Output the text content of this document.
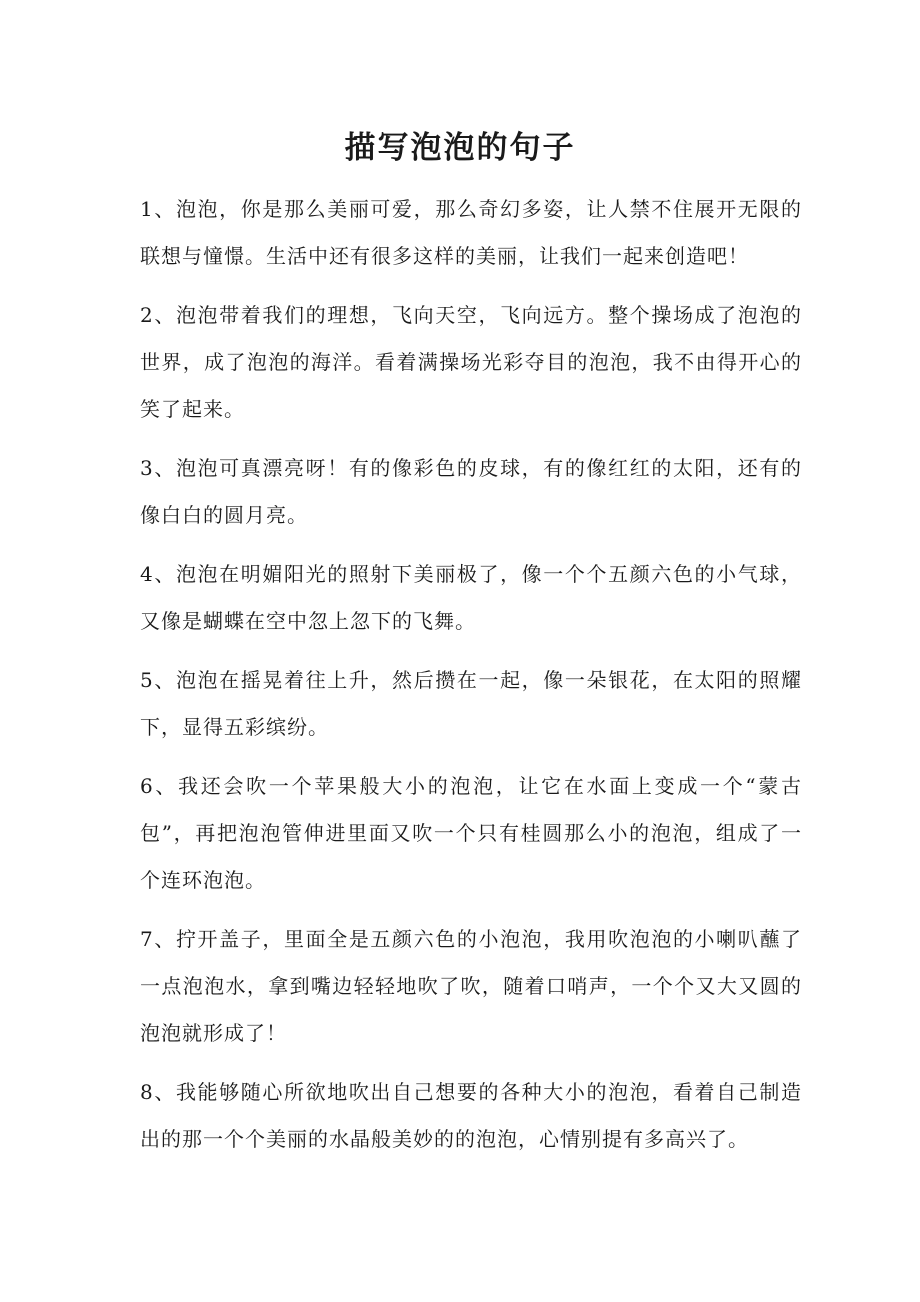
描写泡泡的句子

1、泡泡，你是那么美丽可爱，那么奇幻多姿，让人禁不住展开无限的联想与憧憬。生活中还有很多这样的美丽，让我们一起来创造吧！

2、泡泡带着我们的理想，飞向天空，飞向远方。整个操场成了泡泡的世界，成了泡泡的海洋。看着满操场光彩夺目的泡泡，我不由得开心的笑了起来。

3、泡泡可真漂亮呀！有的像彩色的皮球，有的像红红的太阳，还有的像白白的圆月亮。

4、泡泡在明媚阳光的照射下美丽极了，像一个个五颜六色的小气球，又像是蝴蝶在空中忽上忽下的飞舞。

5、泡泡在摇晃着往上升，然后攒在一起，像一朵银花，在太阳的照耀下，显得五彩缤纷。

6、我还会吹一个苹果般大小的泡泡，让它在水面上变成一个“蒙古包”，再把泡泡管伸进里面又吹一个只有桂圆那么小的泡泡，组成了一个连环泡泡。

7、拧开盖子，里面全是五颜六色的小泡泡，我用吹泡泡的小喇叭蘸了一点泡泡水，拿到嘴边轻轻地吹了吹，随着口哨声，一个个又大又圆的泡泡就形成了！

8、我能够随心所欲地吹出自己想要的各种大小的泡泡，看着自己制造出的那一个个美丽的水晶般美妙的的泡泡，心情别提有多高兴了。
